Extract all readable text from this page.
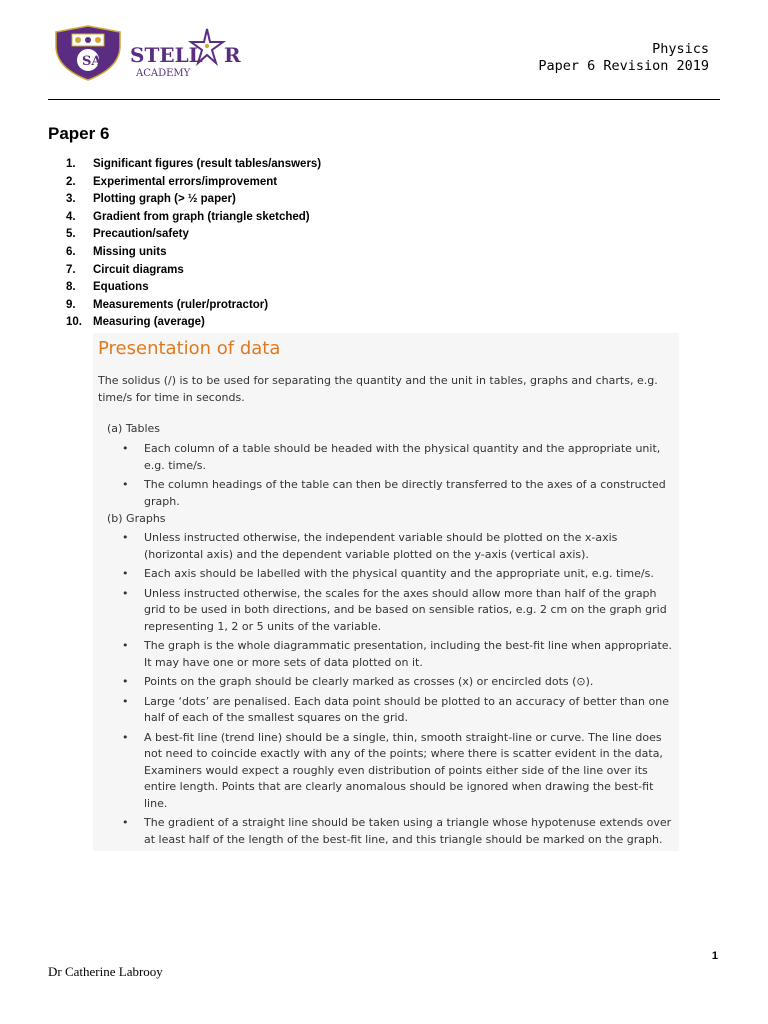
SA STELL R
ACADEMY
Physics
Paper 6 Revision 2019
Paper 6
1.	Significant figures (result tables/answers)
2.	Experimental errors/improvement
3.	Plotting graph (> ½ paper)
4.	Gradient from graph (triangle sketched)
5.	Precaution/safety
6.	Missing units
7.	Circuit diagrams
8.	Equations
9.	Measurements (ruler/protractor)
10. Measuring (average)
Presentation of data
The solidus (/) is to be used for separating the quantity and the unit in tables, graphs and charts, e.g. time/s for time in seconds.
(a) Tables
• Each column of a table should be headed with the physical quantity and the appropriate unit, e.g. time/s.
• The column headings of the table can then be directly transferred to the axes of a constructed graph.
(b) Graphs
• Unless instructed otherwise, the independent variable should be plotted on the x-axis (horizontal axis) and the dependent variable plotted on the y-axis (vertical axis).
• Each axis should be labelled with the physical quantity and the appropriate unit, e.g. time/s.
• Unless instructed otherwise, the scales for the axes should allow more than half of the graph grid to be used in both directions, and be based on sensible ratios, e.g. 2 cm on the graph grid representing 1, 2 or 5 units of the variable.
• The graph is the whole diagrammatic presentation, including the best-fit line when appropriate. It may have one or more sets of data plotted on it.
• Points on the graph should be clearly marked as crosses (x) or encircled dots (⊙).
• Large ‘dots’ are penalised. Each data point should be plotted to an accuracy of better than one half of each of the smallest squares on the grid.
• A best-fit line (trend line) should be a single, thin, smooth straight-line or curve. The line does not need to coincide exactly with any of the points; where there is scatter evident in the data, Examiners would expect a roughly even distribution of points either side of the line over its entire length. Points that are clearly anomalous should be ignored when drawing the best-fit line.
• The gradient of a straight line should be taken using a triangle whose hypotenuse extends over at least half of the length of the best-fit line, and this triangle should be marked on the graph.
1
Dr Catherine Labrooy
